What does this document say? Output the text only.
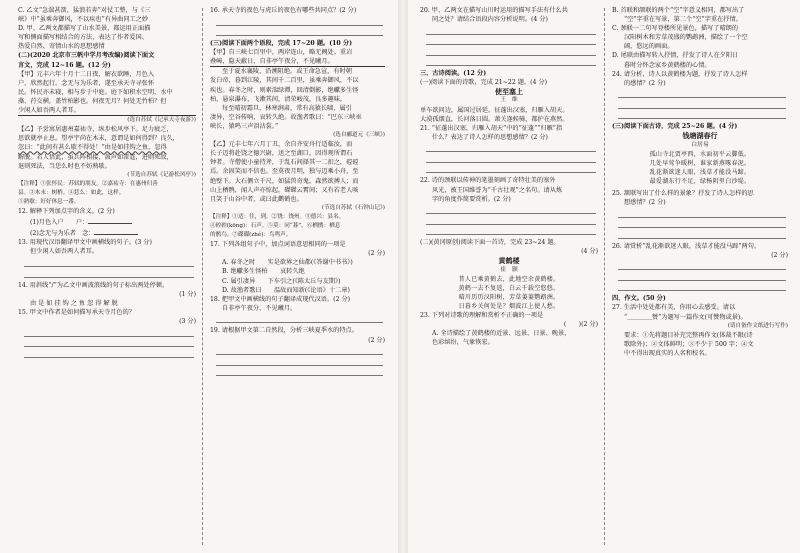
C. 乙文“急湍甚箭，猛浪若奔”对仗工整，与《三

峡》中“虽乘奔御风，不以疾也”有异曲同工之妙

D. 甲、乙两文都描写了山水美景，都运用正面描

写和侧面描写相结合的方法，表达了作者爱国、

热爱自然、寄情山水的思想感情

(二)(2020 北京市三帆中学月考改编)阅读下面文

言文，完成 12~16 题。(12 分)

【甲】元丰六年十月十二日夜，解衣欲睡，月色入

户，欣然起行。念无与为乐者，遂至承天寺寻张怀

民。怀民亦未寝，相与步于中庭。庭下如积水空明，水中

藻、荇交横，盖竹柏影也。何夜无月？何处无竹柏？但

少闲人如吾两人者耳。

(选自苏轼《记承天寺夜游》)

【乙】予尝寓居惠州嘉祐寺，纵步松风亭下。足力疲乏，

思欲就亭止息。望亭宇尚在木末，意谓是如何得到？良久，

忽曰：“此间有甚么歇不得处！”由是如挂钩之鱼，忽得

解脱。若人悟此，虽兵阵相接，鼓声如雷霆，进则死敌，

退则死法，当恁么时也不妨熟歇。

(节选自苏轼《记游松风亭》)

【注释】①张怀民：苏轼的朋友。②嘉祐寺：在惠州归善

县。③木末：树梢。④恁么：如此，这样。

⑤熟歇：好好休息一番。

12. 解释下列加点字的含义。(2 分)

(1)月色入户　　户：

(2)念无与为乐者　念：

13. 用现代汉语翻译甲文中画横线的句子。(3 分)

但少闲人如吾两人者耳。

14. 用斜线“/”为乙文中画波浪线的句子标出两处停顿。

(1 分)

由 是 如 挂 钩 之 鱼 忽 得 解 脱

15. 甲文中作者是如何描写承天寺月色的？

(3 分)

16. 承天寺的夜色与虎丘的夜色有哪些共同点？(2 分)

(三)阅读下面两个语段，完成 17~20 题。(10 分)

【甲】自三峡七百里中，两岸连山，略无阙处。重岩

叠嶂，隐天蔽日，自非亭午夜分，不见曦月。

至于夏水襄陵，沿溯阻绝。或王命急宣，有时朝

发白帝，暮到江陵，其间千二百里，虽乘奔御风，不以

疾也。春冬之时，则素湍绿潭，回清倒影，绝巘多生怪

柏，悬泉瀑布，飞漱其间，清荣峻茂，良多趣味。

每至晴初霜旦，林寒涧肃，常有高猿长啸，属引

凄异，空谷传响，哀转久绝。故渔者歌曰：“巴东三峡巫

峡长，猿鸣三声泪沾裳。”

(选自郦道元《三峡》)

【乙】元丰七年六月丁丑，余自齐安舟行适临汝，而

长子迈将赴饶之德兴尉，送之至湖口，因得观所谓石

钟者。寺僧使小童持斧，于乱石间择其一二扣之，硿硿

焉。余固笑而不信也。至莫夜月明，独与迈乘小舟，至

绝壁下。大石侧立千尺，如猛兽奇鬼，森然欲搏人；而

山上栖鹘，闻人声亦惊起，磔磔云霄间；又有若老人咳

且笑于山谷中者，或曰此鹳鹤也。

(节选自苏轼《石钟山记》)

【注释】①适：往，到。②饶：饶州。③德兴：县名。

④硿硿(kōng)：石声。⑤莫：同“暮”。⑥栖鹘：栖息

的鹘鸟。⑦磔磔(zhé)：鸟鸣声。

17. 下列各组句子中，加点词语意思相同的一项是

(2 分)

A. 春冬之时　　实是欲界之仙都(《答谢中书书》)

B. 绝巘多生怪柏　　哀转久绝

C. 属引凄异　　下车引之(《陈太丘与友期》)

D. 故渔者歌曰　　温故而知新(《论语》十二章)

18. 把甲文中画横线的句子翻译成现代汉语。(2 分)

自非亭午夜分，不见曦月。

19. 请根据甲文第二自然段，分析三峡夏季水的特点。

(2 分)

20. 甲、乙两文在描写山川时运用的描写手法有什么共

同之处？请结合语段内容分析说明。(4 分)

三、古诗阅读。(12 分)

(一)阅读下面的诗歌，完成 21~22 题。(4 分)

使至塞上

王　维

单车欲问边，属国过居延。征蓬出汉塞，归雁入胡天。

大漠孤烟直，长河落日圆。萧关逢候骑，都护在燕然。

21. “征蓬出汉塞，归雁入胡天”中的“征蓬”“归雁”指

什么？表达了诗人怎样的思想感情？(2 分)

22. 诗的颈联以传神的笔墨刻画了奇特壮美的塞外

风光，被王国维誉为“千古壮观”之名句。请从炼

字的角度作简要赏析。(2 分)

(二)(黄冈原创)阅读下面一首诗，完成 23~24 题。

(4 分)

黄鹤楼

崔　颢

昔人已乘黄鹤去，此地空余黄鹤楼。

黄鹤一去不复返，白云千载空悠悠。

晴川历历汉阳树，芳草萋萋鹦鹉洲。

日暮乡关何处是？烟波江上使人愁。

23. 下列对诗歌的理解和赏析不正确的一项是

(　　)(2 分)

A. 全诗描绘了黄鹤楼的近景、远景、日景、晚景，

色彩缤纷，气象恢宏。

B. 首联和颔联的两个“空”字意义相同，都写出了

“空”字重在写景，第二个“空”字重在抒情。

C. 颈联一二句写登楼所见景色，描写了晴朗的

汉阳树木和芳草茂盛的鹦鹉洲，描绘了一个空

阔、悠远的画面。

D. 尾联由描写转入抒情，抒发了诗人在夕阳日

暮时分怀念家乡黄鹤楼的心情。

24. 请分析，诗人以黄鹤楼为题，抒发了诗人怎样

的感情？(2 分)

(三)阅读下面古诗，完成 25~26 题。(4 分)

钱塘湖春行

白居易

孤山寺北贾亭西，水面初平云脚低。

几处早莺争暖树，谁家新燕啄春泥。

乱花渐欲迷人眼，浅草才能没马蹄。

最爱湖东行不足，绿杨阴里白沙堤。

25. 颔联写出了什么样的景象？抒发了诗人怎样的思

想感情？(2 分)

26. 请赏析“乱花渐欲迷人眼，浅草才能没马蹄”两句。

(2 分)

四、作文。(50 分)

27. 生活中处处都有美，你用心去感受。请以

“＿＿＿＿赞”为题写一篇作文(可赞物或景)。

(请自备作文纸进行写作)

要求：①先将题目补充完整再作文(体裁不限(诗

歌除外)；②文体鲜明；③不少于 500 字；④文

中不得出现真实的人名和校名。
